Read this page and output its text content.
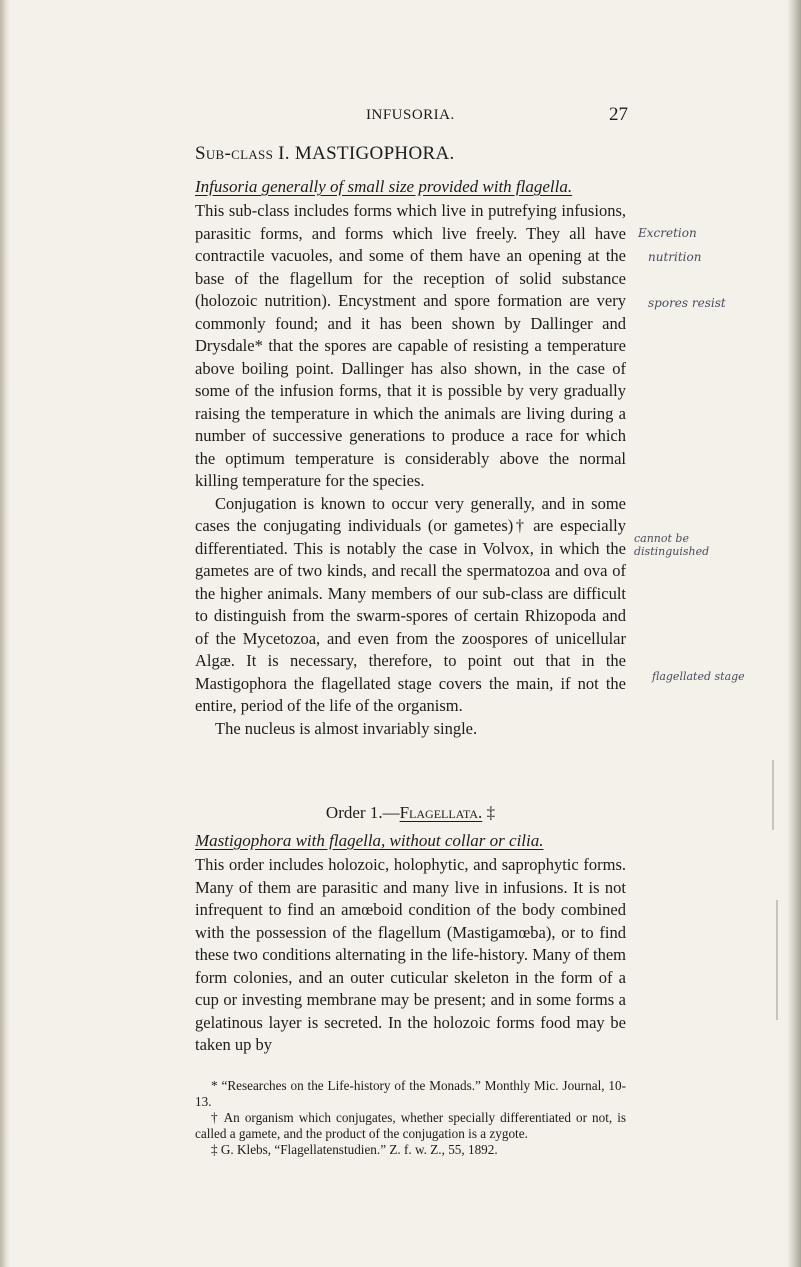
INFUSORIA.	27
Sub-class I. MASTIGOPHORA.
Infusoria generally of small size provided with flagella.

This sub-class includes forms which live in putrefying infusions, parasitic forms, and forms which live freely. They all have contractile vacuoles, and some of them have an opening at the base of the flagellum for the reception of solid substance (holozoic nutrition). Encystment and spore formation are very commonly found; and it has been shown by Dallinger and Drysdale* that the spores are capable of resisting a temperature above boiling point. Dallinger has also shown, in the case of some of the infusion forms, that it is possible by very gradually raising the temperature in which the animals are living during a number of successive generations to produce a race for which the optimum temperature is considerably above the normal killing temperature for the species.

Conjugation is known to occur very generally, and in some cases the conjugating individuals (or gametes)† are especially differentiated. This is notably the case in Volvox, in which the gametes are of two kinds, and recall the spermatozoa and ova of the higher animals. Many members of our sub-class are difficult to distinguish from the swarm-spores of certain Rhizopoda and of the Mycetozoa, and even from the zoospores of unicellular Algæ. It is necessary, therefore, to point out that in the Mastigophora the flagellated stage covers the main, if not the entire, period of the life of the organism.

The nucleus is almost invariably single.

Order 1.—Flagellata. ‡
Mastigophora with flagella, without collar or cilia.

This order includes holozoic, holophytic, and saprophytic forms. Many of them are parasitic and many live in infusions. It is not infrequent to find an amœboid condition of the body combined with the possession of the flagellum (Mastigamœba), or to find these two conditions alternating in the life-history. Many of them form colonies, and an outer cuticular skeleton in the form of a cup or investing membrane may be present; and in some forms a gelatinous layer is secreted. In the holozoic forms food may be taken up by

* “Researches on the Life-history of the Monads.” Monthly Mic. Journal, 10-13.

† An organism which conjugates, whether specially differentiated or not, is called a gamete, and the product of the conjugation is a zygote.

‡ G. Klebs, “Flagellatenstudien.” Z. f. w. Z., 55, 1892.

Excretion
nutrition
spores resist
cannot be distinguished
flagellated stage
